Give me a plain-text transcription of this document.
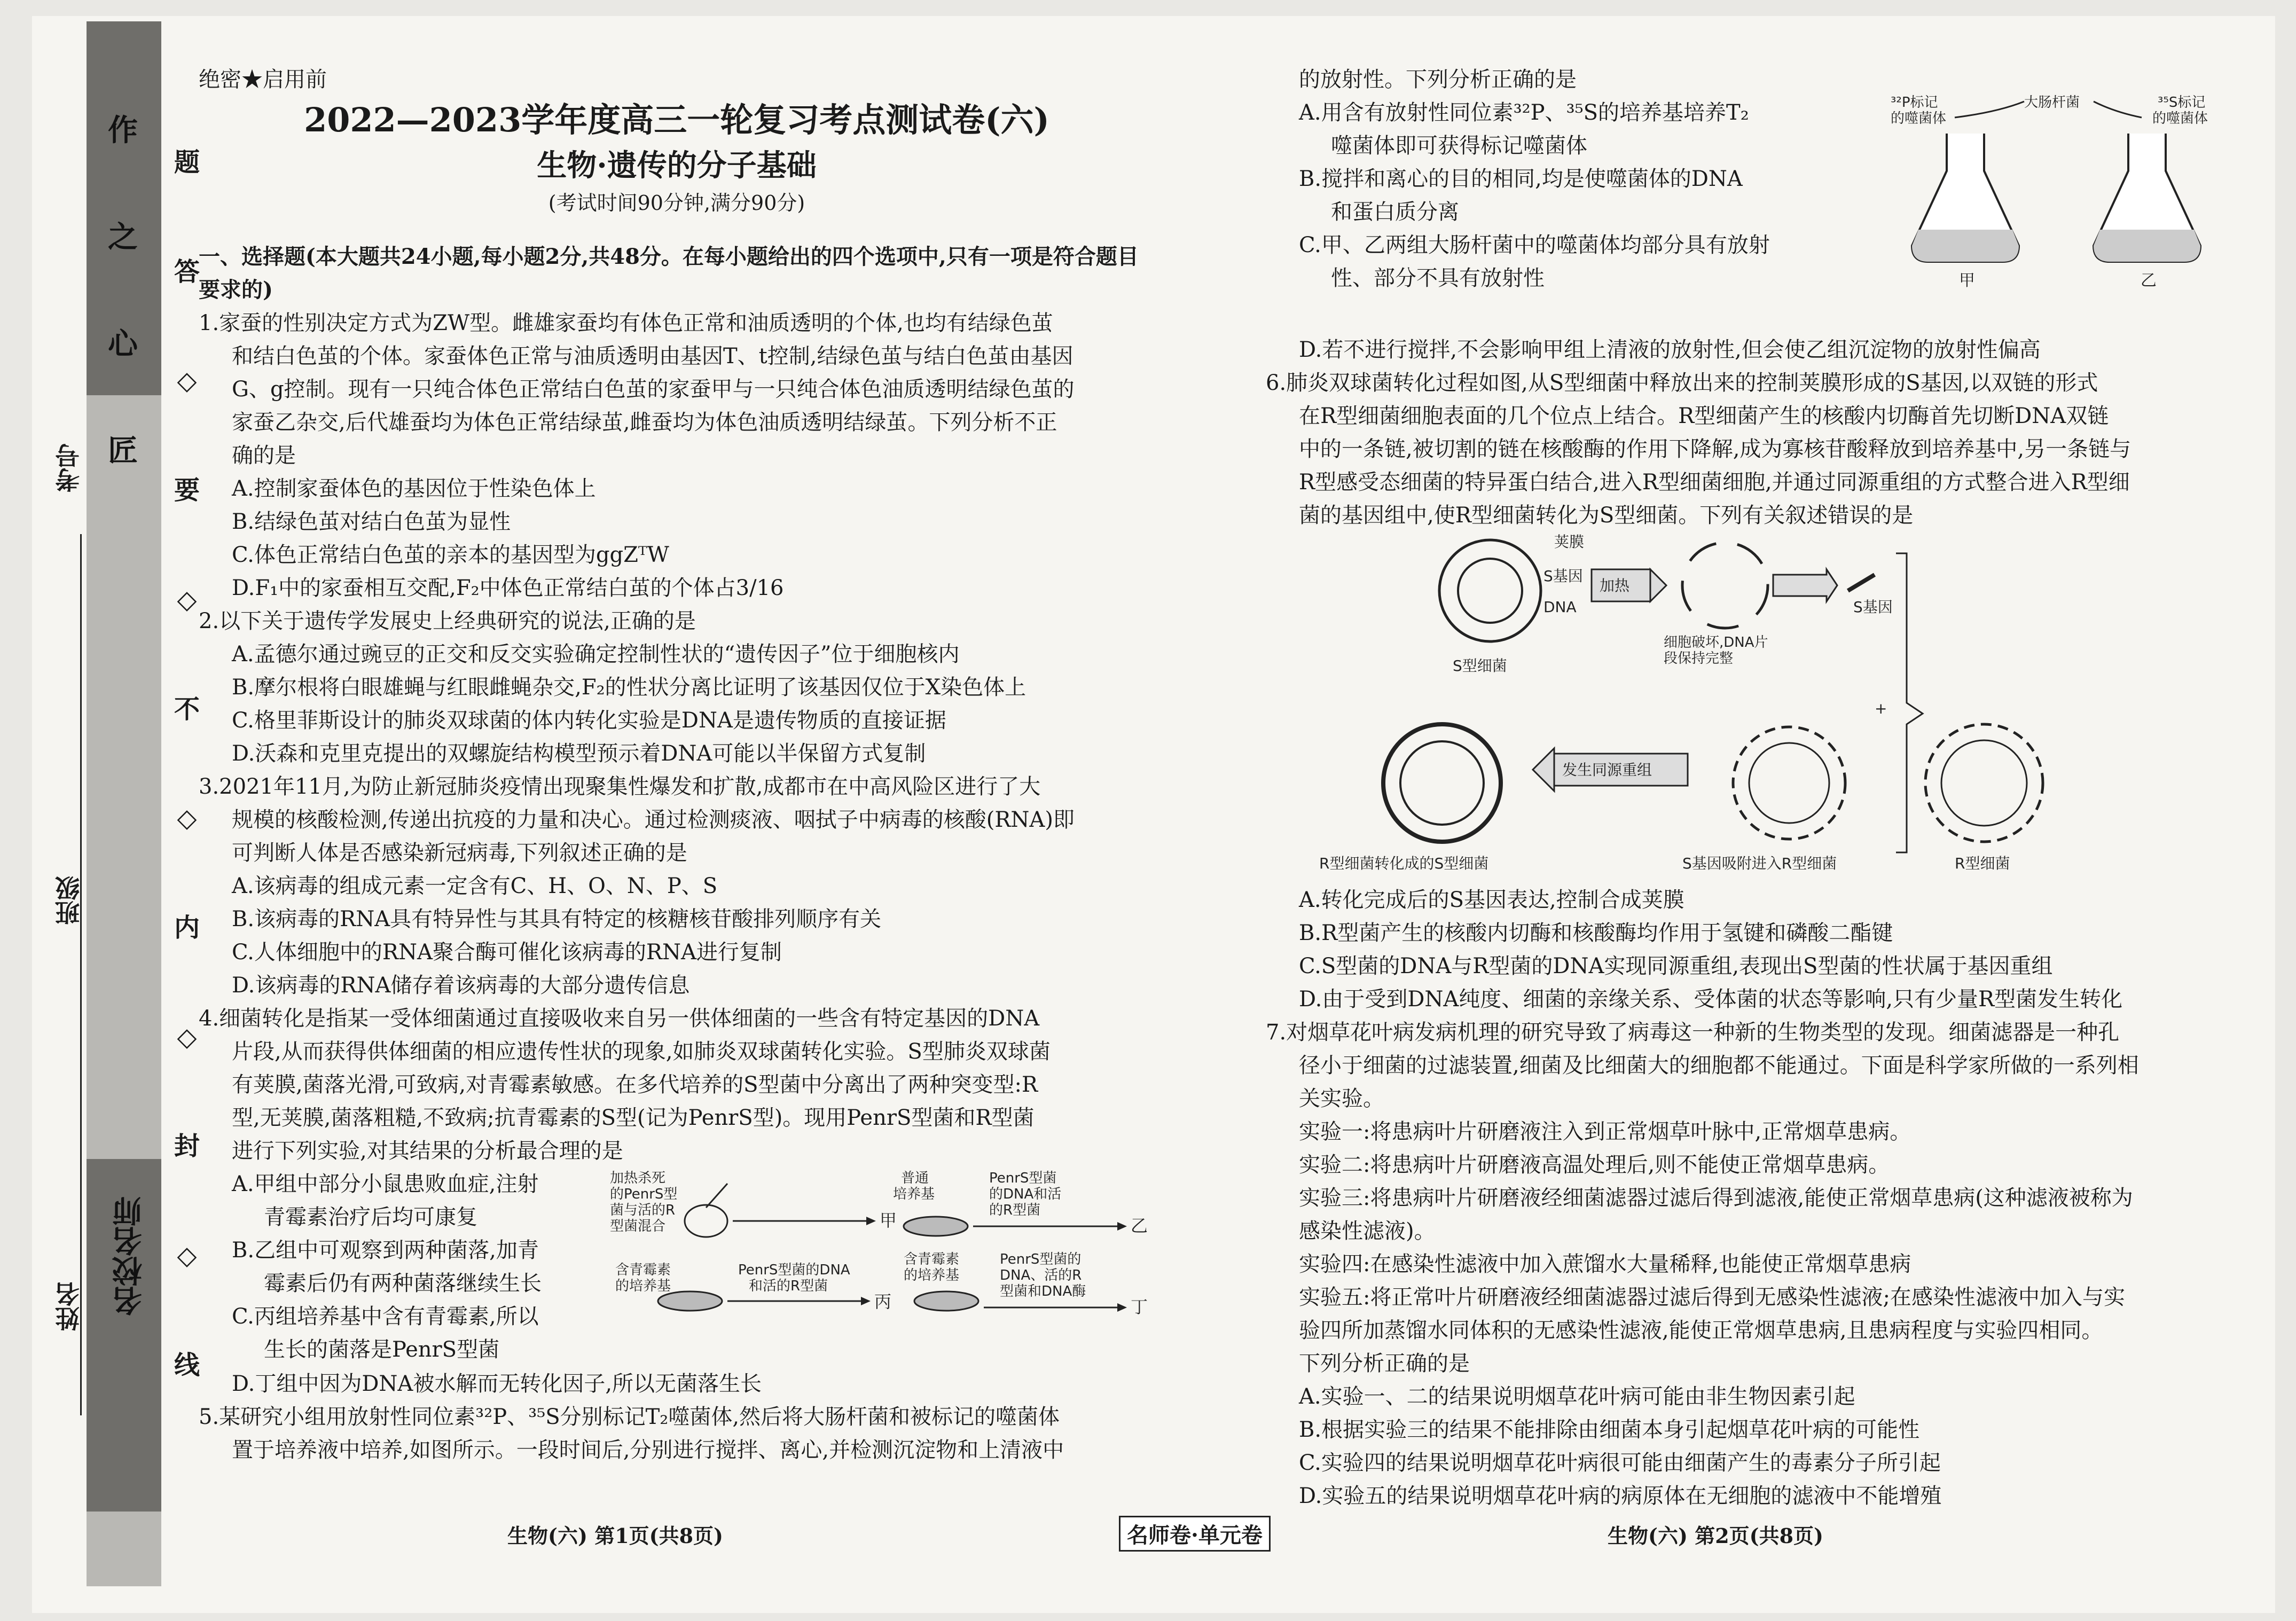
作
之
心
匠
名校名师
题
答
◇
要
◇
不
◇
内
◇
封
◇
线
考号
班级
姓名

绝密★启用前

2022—2023学年度高三一轮复习考点测试卷(六)

生物·遗传的分子基础

(考试时间90分钟,满分90分)

一、选择题(本大题共24小题,每小题2分,共48分。在每小题给出的四个选项中,只有一项是符合题目要求的)

1.家蚕的性别决定方式为ZW型。雌雄家蚕均有体色正常和油质透明的个体,也均有结绿色茧

和结白色茧的个体。家蚕体色正常与油质透明由基因T、t控制,结绿色茧与结白色茧由基因

G、g控制。现有一只纯合体色正常结白色茧的家蚕甲与一只纯合体色油质透明结绿色茧的

家蚕乙杂交,后代雄蚕均为体色正常结绿茧,雌蚕均为体色油质透明结绿茧。下列分析不正

确的是

A.控制家蚕体色的基因位于性染色体上

B.结绿色茧对结白色茧为显性

C.体色正常结白色茧的亲本的基因型为ggZᵀW

D.F₁中的家蚕相互交配,F₂中体色正常结白茧的个体占3/16

2.以下关于遗传学发展史上经典研究的说法,正确的是

A.孟德尔通过豌豆的正交和反交实验确定控制性状的“遗传因子”位于细胞核内

B.摩尔根将白眼雄蝇与红眼雌蝇杂交,F₂的性状分离比证明了该基因仅位于X染色体上

C.格里菲斯设计的肺炎双球菌的体内转化实验是DNA是遗传物质的直接证据

D.沃森和克里克提出的双螺旋结构模型预示着DNA可能以半保留方式复制

3.2021年11月,为防止新冠肺炎疫情出现聚集性爆发和扩散,成都市在中高风险区进行了大

规模的核酸检测,传递出抗疫的力量和决心。通过检测痰液、咽拭子中病毒的核酸(RNA)即

可判断人体是否感染新冠病毒,下列叙述正确的是

A.该病毒的组成元素一定含有C、H、O、N、P、S

B.该病毒的RNA具有特异性与其具有特定的核糖核苷酸排列顺序有关

C.人体细胞中的RNA聚合酶可催化该病毒的RNA进行复制

D.该病毒的RNA储存着该病毒的大部分遗传信息

4.细菌转化是指某一受体细菌通过直接吸收来自另一供体细菌的一些含有特定基因的DNA

片段,从而获得供体细菌的相应遗传性状的现象,如肺炎双球菌转化实验。S型肺炎双球菌

有荚膜,菌落光滑,可致病,对青霉素敏感。在多代培养的S型菌中分离出了两种突变型:R

型,无荚膜,菌落粗糙,不致病;抗青霉素的S型(记为PenrS型)。现用PenrS型菌和R型菌

进行下列实验,对其结果的分析最合理的是

A.甲组中部分小鼠患败血症,注射

青霉素治疗后均可康复

B.乙组中可观察到两种菌落,加青

霉素后仍有两种菌落继续生长

C.丙组培养基中含有青霉素,所以

生长的菌落是PenrS型菌

加热杀死
的PenrS型
菌与活的R
型菌混合	甲
普通
培养基
PenrS型菌
的DNA和活
的R型菌
乙
含青霉素
的培养基
PenrS型菌的DNA
和活的R型菌
丙
含青霉素
的培养基
PenrS型菌的
DNA、活的R
型菌和DNA酶
丁

D.丁组中因为DNA被水解而无转化因子,所以无菌落生长

5.某研究小组用放射性同位素³²P、³⁵S分别标记T₂噬菌体,然后将大肠杆菌和被标记的噬菌体

置于培养液中培养,如图所示。一段时间后,分别进行搅拌、离心,并检测沉淀物和上清液中

的放射性。下列分析正确的是

A.用含有放射性同位素³²P、³⁵S的培养基培养T₂

噬菌体即可获得标记噬菌体

B.搅拌和离心的目的相同,均是使噬菌体的DNA

和蛋白质分离

C.甲、乙两组大肠杆菌中的噬菌体均部分具有放射

性、部分不具有放射性

³²P标记
的噬菌体
大肠杆菌	³⁵S标记
的噬菌体
甲	乙

D.若不进行搅拌,不会影响甲组上清液的放射性,但会使乙组沉淀物的放射性偏高

6.肺炎双球菌转化过程如图,从S型细菌中释放出来的控制荚膜形成的S基因,以双链的形式

在R型细菌细胞表面的几个位点上结合。R型细菌产生的核酸内切酶首先切断DNA双链

中的一条链,被切割的链在核酸酶的作用下降解,成为寡核苷酸释放到培养基中,另一条链与

R型感受态细菌的特异蛋白结合,进入R型细菌细胞,并通过同源重组的方式整合进入R型细

菌的基因组中,使R型细菌转化为S型细菌。下列有关叙述错误的是

荚膜
S基因
DNA
S型细菌
加热
细胞破坏,DNA片
段保持完整
S基因
+
R型细菌
S基因吸附进入R型细菌
发生同源重组
R型细菌转化成的S型细菌

A.转化完成后的S基因表达,控制合成荚膜

B.R型菌产生的核酸内切酶和核酸酶均作用于氢键和磷酸二酯键

C.S型菌的DNA与R型菌的DNA实现同源重组,表现出S型菌的性状属于基因重组

D.由于受到DNA纯度、细菌的亲缘关系、受体菌的状态等影响,只有少量R型菌发生转化

7.对烟草花叶病发病机理的研究导致了病毒这一种新的生物类型的发现。细菌滤器是一种孔

径小于细菌的过滤装置,细菌及比细菌大的细胞都不能通过。下面是科学家所做的一系列相

关实验。

实验一:将患病叶片研磨液注入到正常烟草叶脉中,正常烟草患病。

实验二:将患病叶片研磨液高温处理后,则不能使正常烟草患病。

实验三:将患病叶片研磨液经细菌滤器过滤后得到滤液,能使正常烟草患病(这种滤液被称为

感染性滤液)。

实验四:在感染性滤液中加入蔗馏水大量稀释,也能使正常烟草患病

实验五:将正常叶片研磨液经细菌滤器过滤后得到无感染性滤液;在感染性滤液中加入与实

验四所加蒸馏水同体积的无感染性滤液,能使正常烟草患病,且患病程度与实验四相同。

下列分析正确的是

A.实验一、二的结果说明烟草花叶病可能由非生物因素引起

B.根据实验三的结果不能排除由细菌本身引起烟草花叶病的可能性

C.实验四的结果说明烟草花叶病很可能由细菌产生的毒素分子所引起

D.实验五的结果说明烟草花叶病的病原体在无细胞的滤液中不能增殖

生物(六) 第1页(共8页)	名师卷·单元卷	生物(六) 第2页(共8页)
